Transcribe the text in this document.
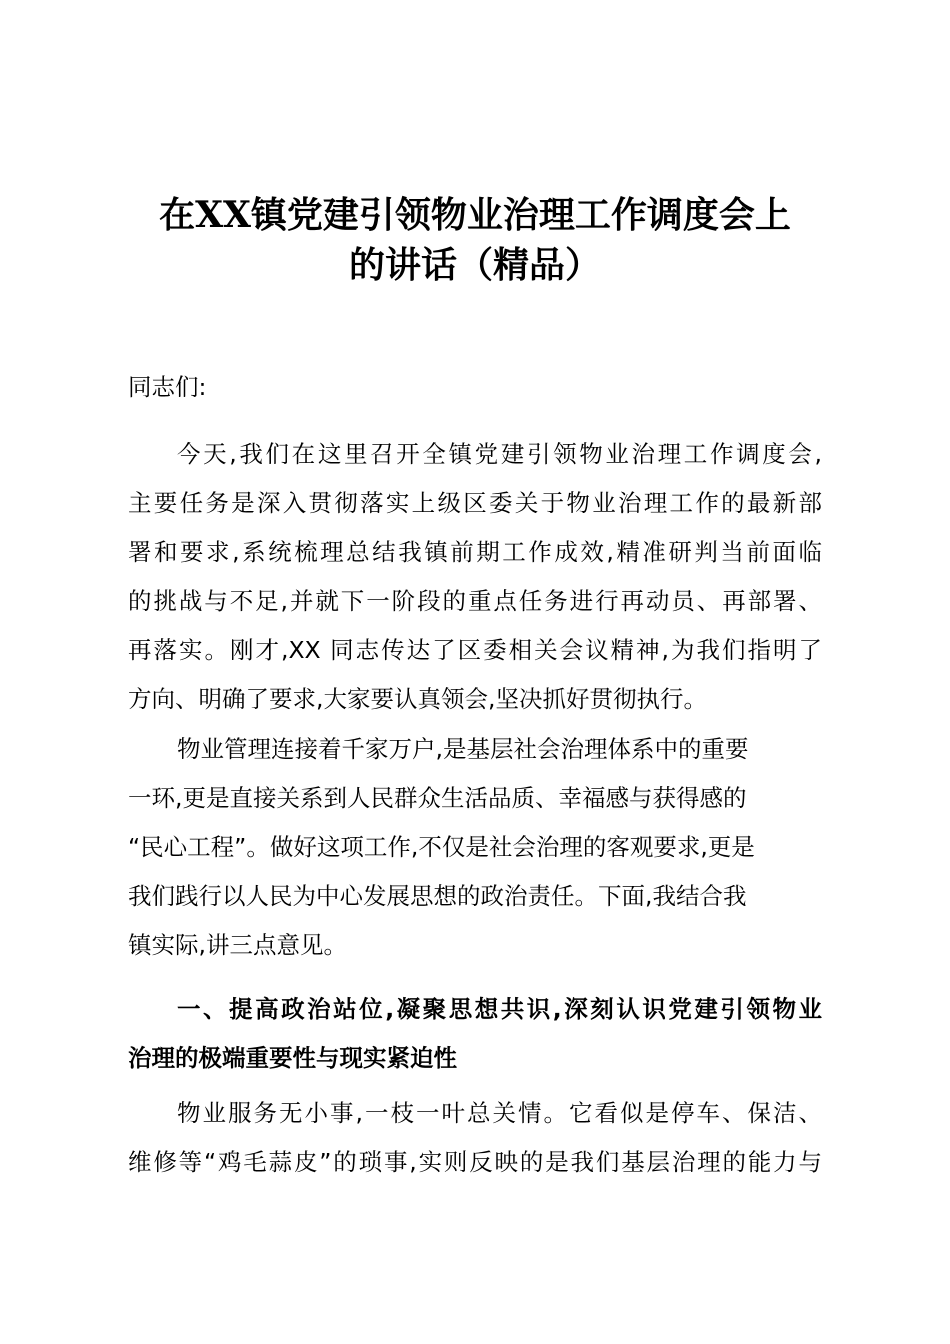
在XX镇党建引领物业治理工作调度会上
的讲话（精品）
同志们:
今天,我们在这里召开全镇党建引领物业治理工作调度会,
主要任务是深入贯彻落实上级区委关于物业治理工作的最新部
署和要求,系统梳理总结我镇前期工作成效,精准研判当前面临
的挑战与不足,并就下一阶段的重点任务进行再动员、再部署、
再落实。刚才,XX 同志传达了区委相关会议精神,为我们指明了
方向、明确了要求,大家要认真领会,坚决抓好贯彻执行。
物业管理连接着千家万户,是基层社会治理体系中的重要
一环,更是直接关系到人民群众生活品质、幸福感与获得感的
“民心工程”。做好这项工作,不仅是社会治理的客观要求,更是
我们践行以人民为中心发展思想的政治责任。下面,我结合我
镇实际,讲三点意见。
一、提高政治站位,凝聚思想共识,深刻认识党建引领物业
治理的极端重要性与现实紧迫性
物业服务无小事,一枝一叶总关情。它看似是停车、保洁、
维修等“鸡毛蒜皮”的琐事,实则反映的是我们基层治理的能力与
